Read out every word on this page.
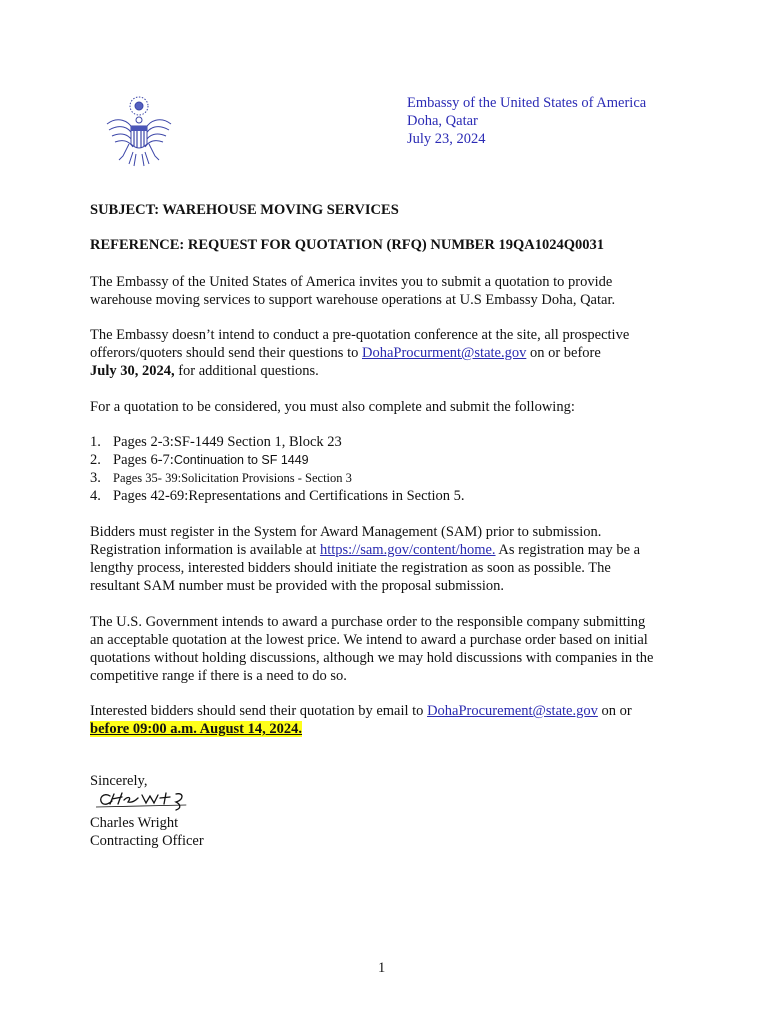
Embassy of the United States of America
Doha, Qatar
July 23, 2024
SUBJECT: WAREHOUSE MOVING SERVICES
REFERENCE: REQUEST FOR QUOTATION (RFQ) NUMBER 19QA1024Q0031
The Embassy of the United States of America invites you to submit a quotation to provide
warehouse moving services to support warehouse operations at U.S Embassy Doha, Qatar.
The Embassy doesn’t intend to conduct a pre-quotation conference at the site, all prospective
offerors/quoters should send their questions to DohaProcurment@state.gov on or before
July 30, 2024, for additional questions.
For a quotation to be considered, you must also complete and submit the following:
1. Pages 2-3: SF-1449 Section 1, Block 23
2. Pages 6-7: Continuation to SF 1449
3. Pages 35- 39: Solicitation Provisions - Section 3
4. Pages 42-69: Representations and Certifications in Section 5.
Bidders must register in the System for Award Management (SAM) prior to submission.
Registration information is available at https://sam.gov/content/home. As registration may be a
lengthy process, interested bidders should initiate the registration as soon as possible. The
resultant SAM number must be provided with the proposal submission.
The U.S. Government intends to award a purchase order to the responsible company submitting
an acceptable quotation at the lowest price. We intend to award a purchase order based on initial
quotations without holding discussions, although we may hold discussions with companies in the
competitive range if there is a need to do so.
Interested bidders should send their quotation by email to DohaProcurement@state.gov on or
before 09:00 a.m. August 14, 2024.
Sincerely,
Charles Wright
Contracting Officer
1
